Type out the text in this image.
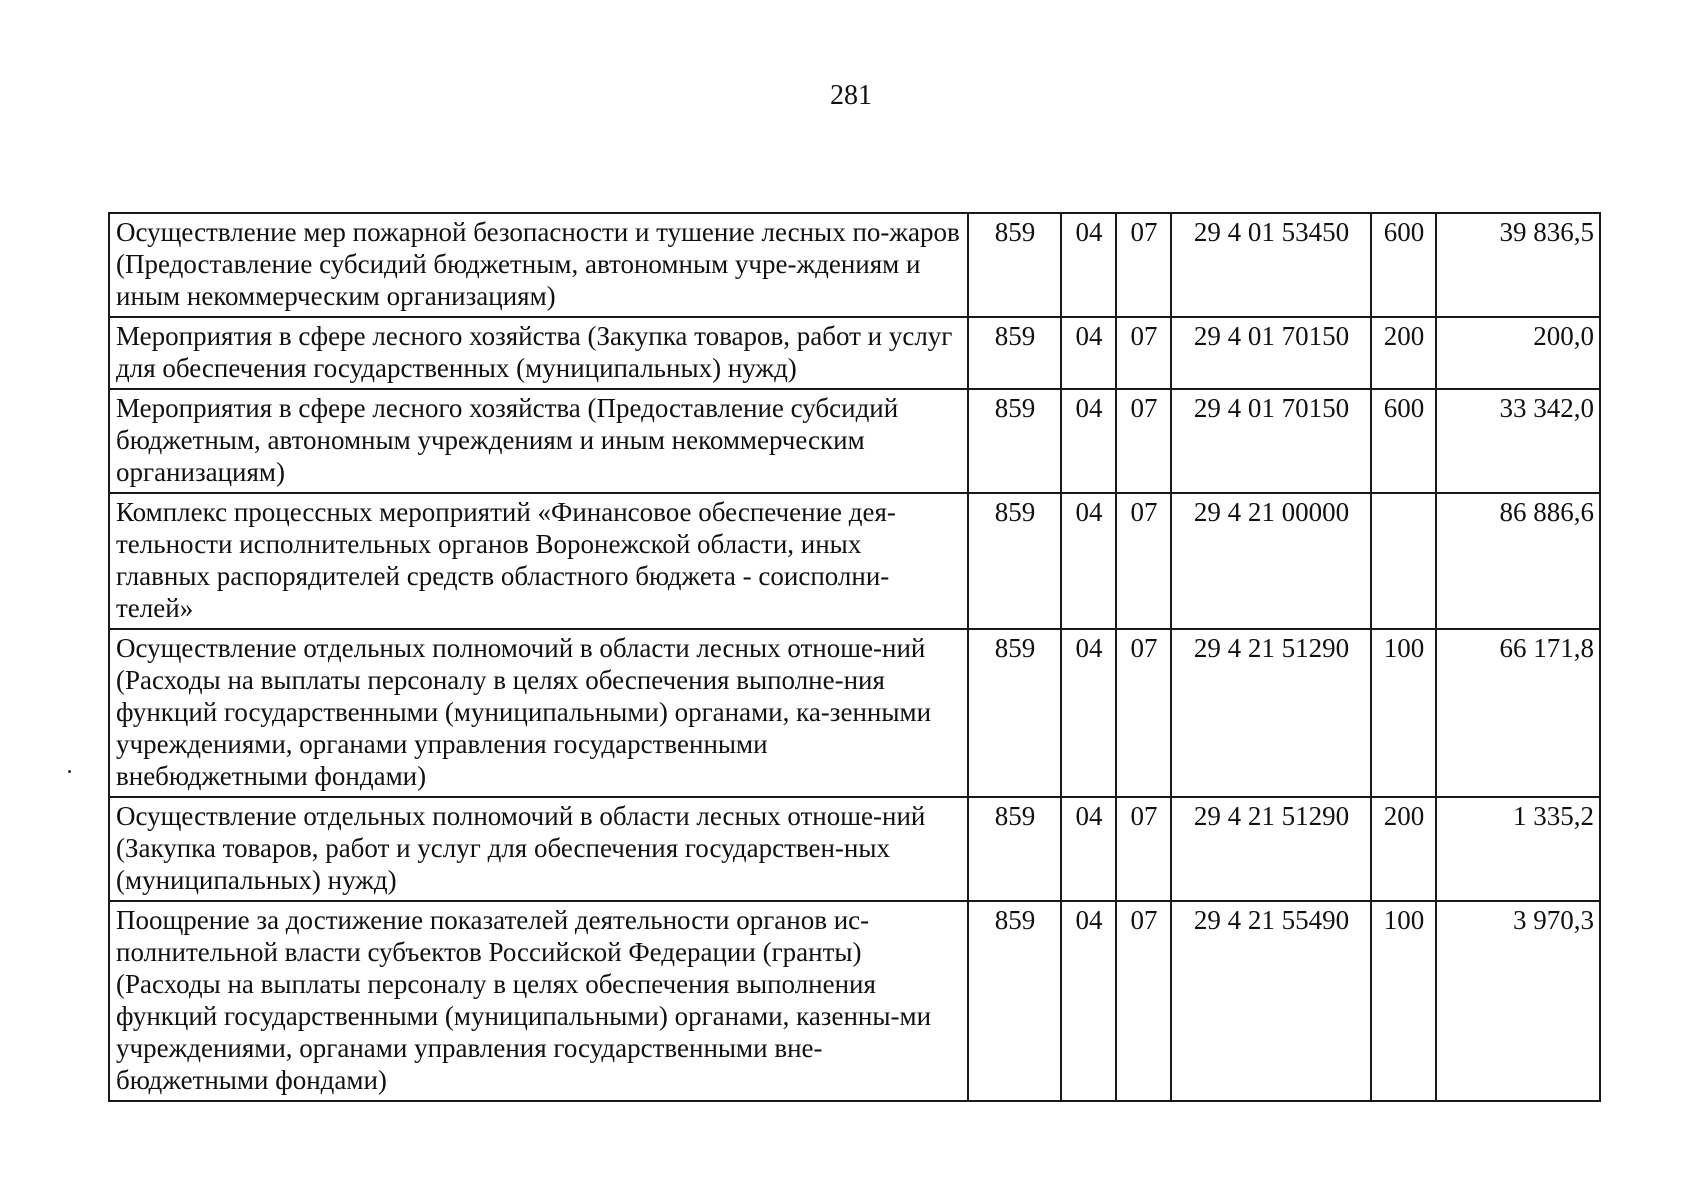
281
Осуществление мер пожарной безопасности и тушение лесных по-жаров (Предоставление субсидий бюджетным, автономным учре-ждениям и иным некоммерческим организациям)	859	04	07	29 4 01 53450	600	39 836,5
Мероприятия в сфере лесного хозяйства (Закупка товаров, работ и услуг для обеспечения государственных (муниципальных) нужд)	859	04	07	29 4 01 70150	200	200,0
Мероприятия в сфере лесного хозяйства (Предоставление субсидий бюджетным, автономным учреждениям и иным некоммерческим организациям)	859	04	07	29 4 01 70150	600	33 342,0
Комплекс процессных мероприятий «Финансовое обеспечение дея-тельности исполнительных органов Воронежской области, иных главных распорядителей средств областного бюджета - соисполни-телей»	859	04	07	29 4 21 00000		86 886,6
Осуществление отдельных полномочий в области лесных отноше-ний (Расходы на выплаты персоналу в целях обеспечения выполне-ния функций государственными (муниципальными) органами, ка-зенными учреждениями, органами управления государственными внебюджетными фондами)	859	04	07	29 4 21 51290	100	66 171,8
Осуществление отдельных полномочий в области лесных отноше-ний (Закупка товаров, работ и услуг для обеспечения государствен-ных (муниципальных) нужд)	859	04	07	29 4 21 51290	200	1 335,2
Поощрение за достижение показателей деятельности органов ис-полнительной власти субъектов Российской Федерации (гранты) (Расходы на выплаты персоналу в целях обеспечения выполнения функций государственными (муниципальными) органами, казенны-ми учреждениями, органами управления государственными вне-бюджетными фондами)	859	04	07	29 4 21 55490	100	3 970,3
